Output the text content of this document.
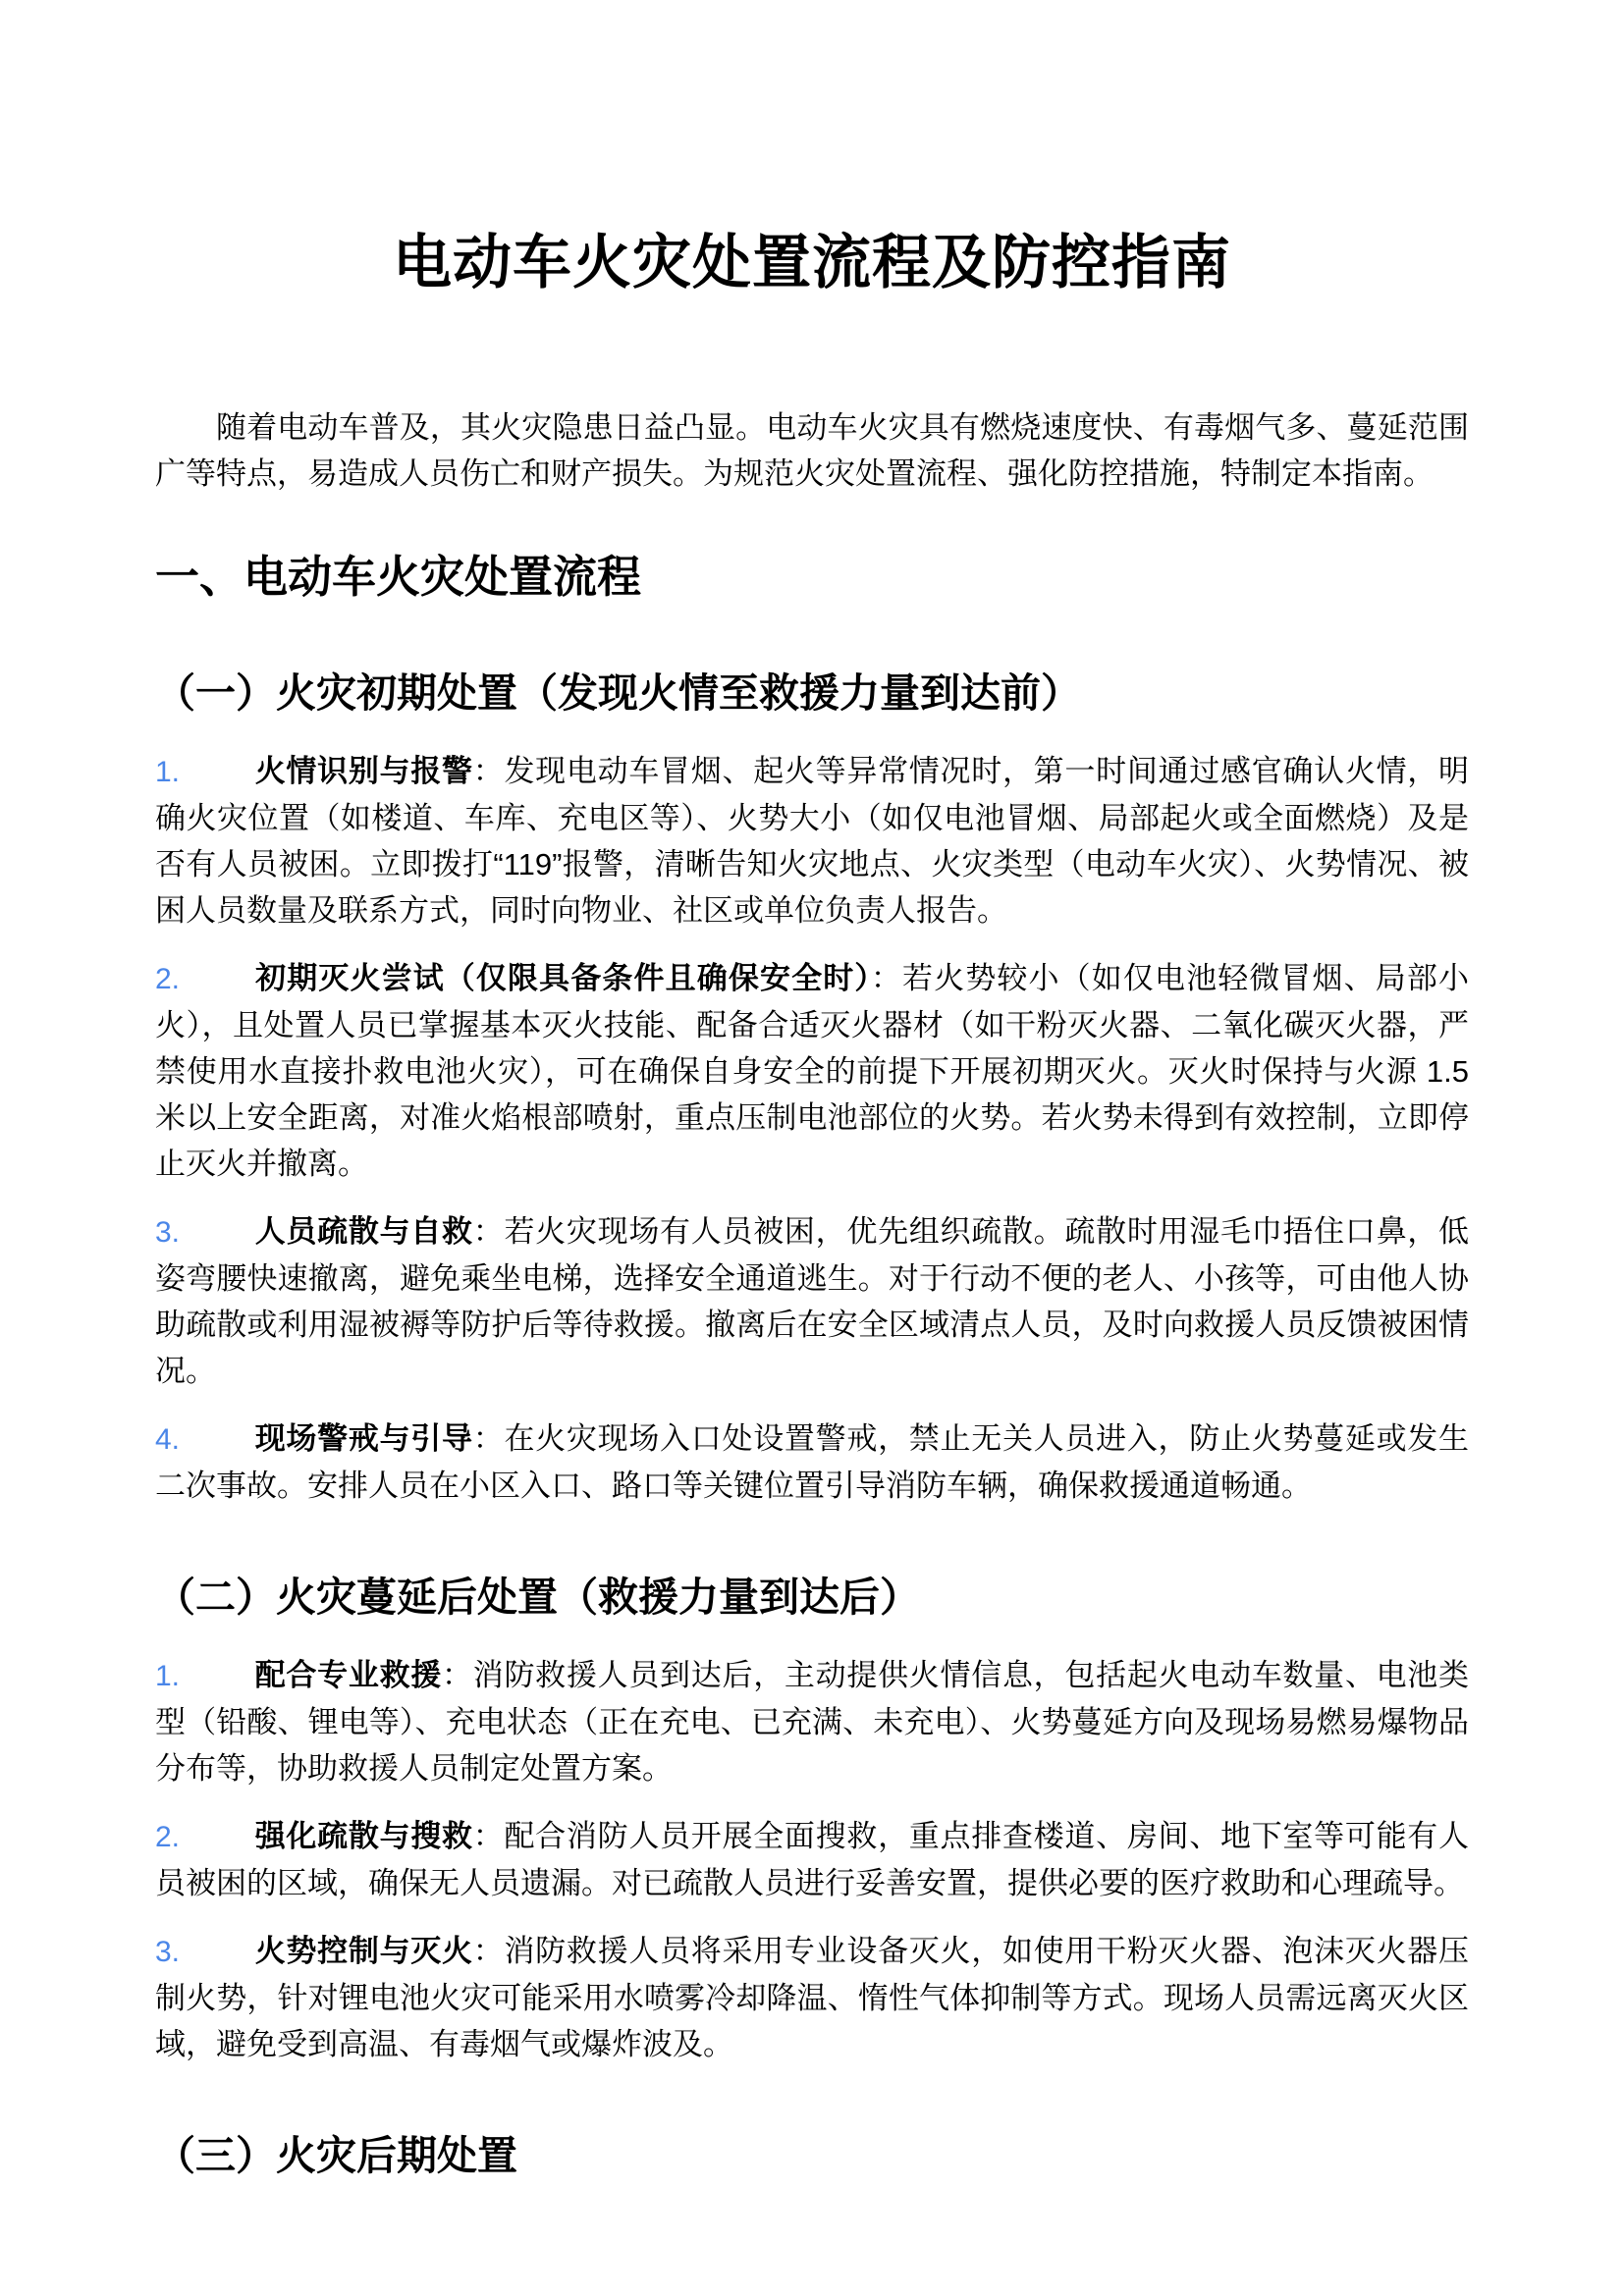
电动车火灾处置流程及防控指南

随着电动车普及，其火灾隐患日益凸显。电动车火灾具有燃烧速度快、有毒烟气多、蔓延范围广等特点，易造成人员伤亡和财产损失。为规范火灾处置流程、强化防控措施，特制定本指南。

一、电动车火灾处置流程
（一）火灾初期处置（发现火情至救援力量到达前）

1. 火情识别与报警：发现电动车冒烟、起火等异常情况时，第一时间通过感官确认火情，明确火灾位置（如楼道、车库、充电区等）、火势大小（如仅电池冒烟、局部起火或全面燃烧）及是否有人员被困。立即拨打“119”报警，清晰告知火灾地点、火灾类型（电动车火灾）、火势情况、被困人员数量及联系方式，同时向物业、社区或单位负责人报告。

2. 初期灭火尝试（仅限具备条件且确保安全时）：若火势较小（如仅电池轻微冒烟、局部小火），且处置人员已掌握基本灭火技能、配备合适灭火器材（如干粉灭火器、二氧化碳灭火器，严禁使用水直接扑救电池火灾），可在确保自身安全的前提下开展初期灭火。灭火时保持与火源 1.5 米以上安全距离，对准火焰根部喷射，重点压制电池部位的火势。若火势未得到有效控制，立即停止灭火并撤离。

3. 人员疏散与自救：若火灾现场有人员被困，优先组织疏散。疏散时用湿毛巾捂住口鼻，低姿弯腰快速撤离，避免乘坐电梯，选择安全通道逃生。对于行动不便的老人、小孩等，可由他人协助疏散或利用湿被褥等防护后等待救援。撤离后在安全区域清点人员，及时向救援人员反馈被困情况。

4. 现场警戒与引导：在火灾现场入口处设置警戒，禁止无关人员进入，防止火势蔓延或发生二次事故。安排人员在小区入口、路口等关键位置引导消防车辆，确保救援通道畅通。

（二）火灾蔓延后处置（救援力量到达后）

1. 配合专业救援：消防救援人员到达后，主动提供火情信息，包括起火电动车数量、电池类型（铅酸、锂电等）、充电状态（正在充电、已充满、未充电）、火势蔓延方向及现场易燃易爆物品分布等，协助救援人员制定处置方案。

2. 强化疏散与搜救：配合消防人员开展全面搜救，重点排查楼道、房间、地下室等可能有人员被困的区域，确保无人员遗漏。对已疏散人员进行妥善安置，提供必要的医疗救助和心理疏导。

3. 火势控制与灭火：消防救援人员将采用专业设备灭火，如使用干粉灭火器、泡沫灭火器压制火势，针对锂电池火灾可能采用水喷雾冷却降温、惰性气体抑制等方式。现场人员需远离灭火区域，避免受到高温、有毒烟气或爆炸波及。

（三）火灾后期处置
